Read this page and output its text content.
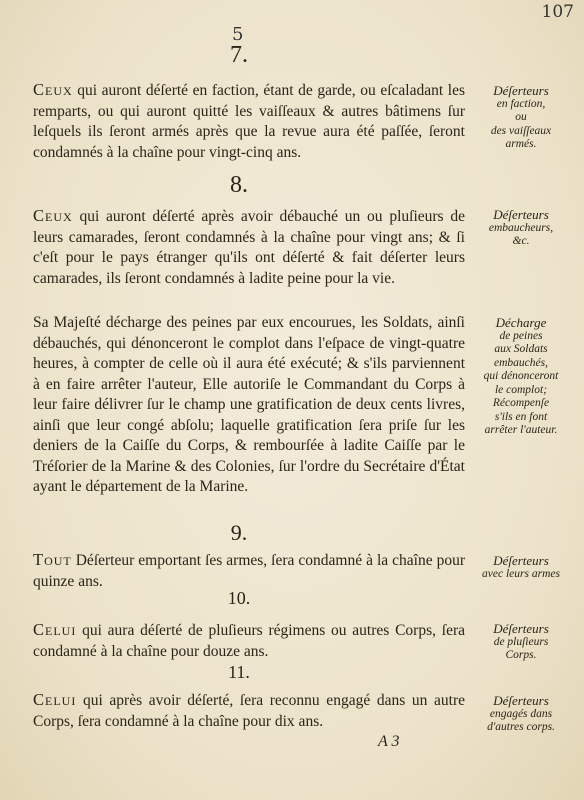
107
5
7.
Ceux qui auront déſerté en faction, étant de garde, ou eſcaladant les remparts, ou qui auront quitté les vaiſſeaux & autres bâtimens ſur leſquels ils ſeront armés après que la revue aura été paſſée, ſeront condamnés à la chaîne pour vingt-cinq ans.
Déſerteurs
en faction,
ou
des vaiſſeaux
armés.
8.
Ceux qui auront déſerté après avoir débauché un ou pluſieurs de leurs camarades, ſeront condamnés à la chaîne pour vingt ans; & ſi c'eſt pour le pays étranger qu'ils ont déſerté & fait déſerter leurs camarades, ils ſeront condamnés à ladite peine pour la vie.
Déſerteurs
embaucheurs,
&c.
Sa Majeſté décharge des peines par eux encourues, les Soldats, ainſi débauchés, qui dénonceront le complot dans l'eſpace de vingt-quatre heures, à compter de celle où il aura été exécuté; & s'ils parviennent à en faire arrêter l'auteur, Elle autoriſe le Commandant du Corps à leur faire délivrer ſur le champ une gratification de deux cents livres, ainſi que leur congé abſolu; laquelle gratification ſera priſe ſur les deniers de la Caiſſe du Corps, & rembourſée à ladite Caiſſe par le Tréſorier de la Marine & des Colonies, ſur l'ordre du Secrétaire d'État ayant le département de la Marine.
Décharge
de peines
aux Soldats
embauchés,
qui dénonceront
le complot;
Récompenſe
s'ils en font
arrêter l'auteur.
9.
Tout Déſerteur emportant ſes armes, ſera condamné à la chaîne pour quinze ans.
Déſerteurs
avec leurs armes
10.
Celui qui aura déſerté de pluſieurs régimens ou autres Corps, ſera condamné à la chaîne pour douze ans.
Déſerteurs
de pluſieurs
Corps.
11.
Celui qui après avoir déſerté, ſera reconnu engagé dans un autre Corps, ſera condamné à la chaîne pour dix ans.
Déſerteurs
engagés dans
d'autres corps.
A 3
